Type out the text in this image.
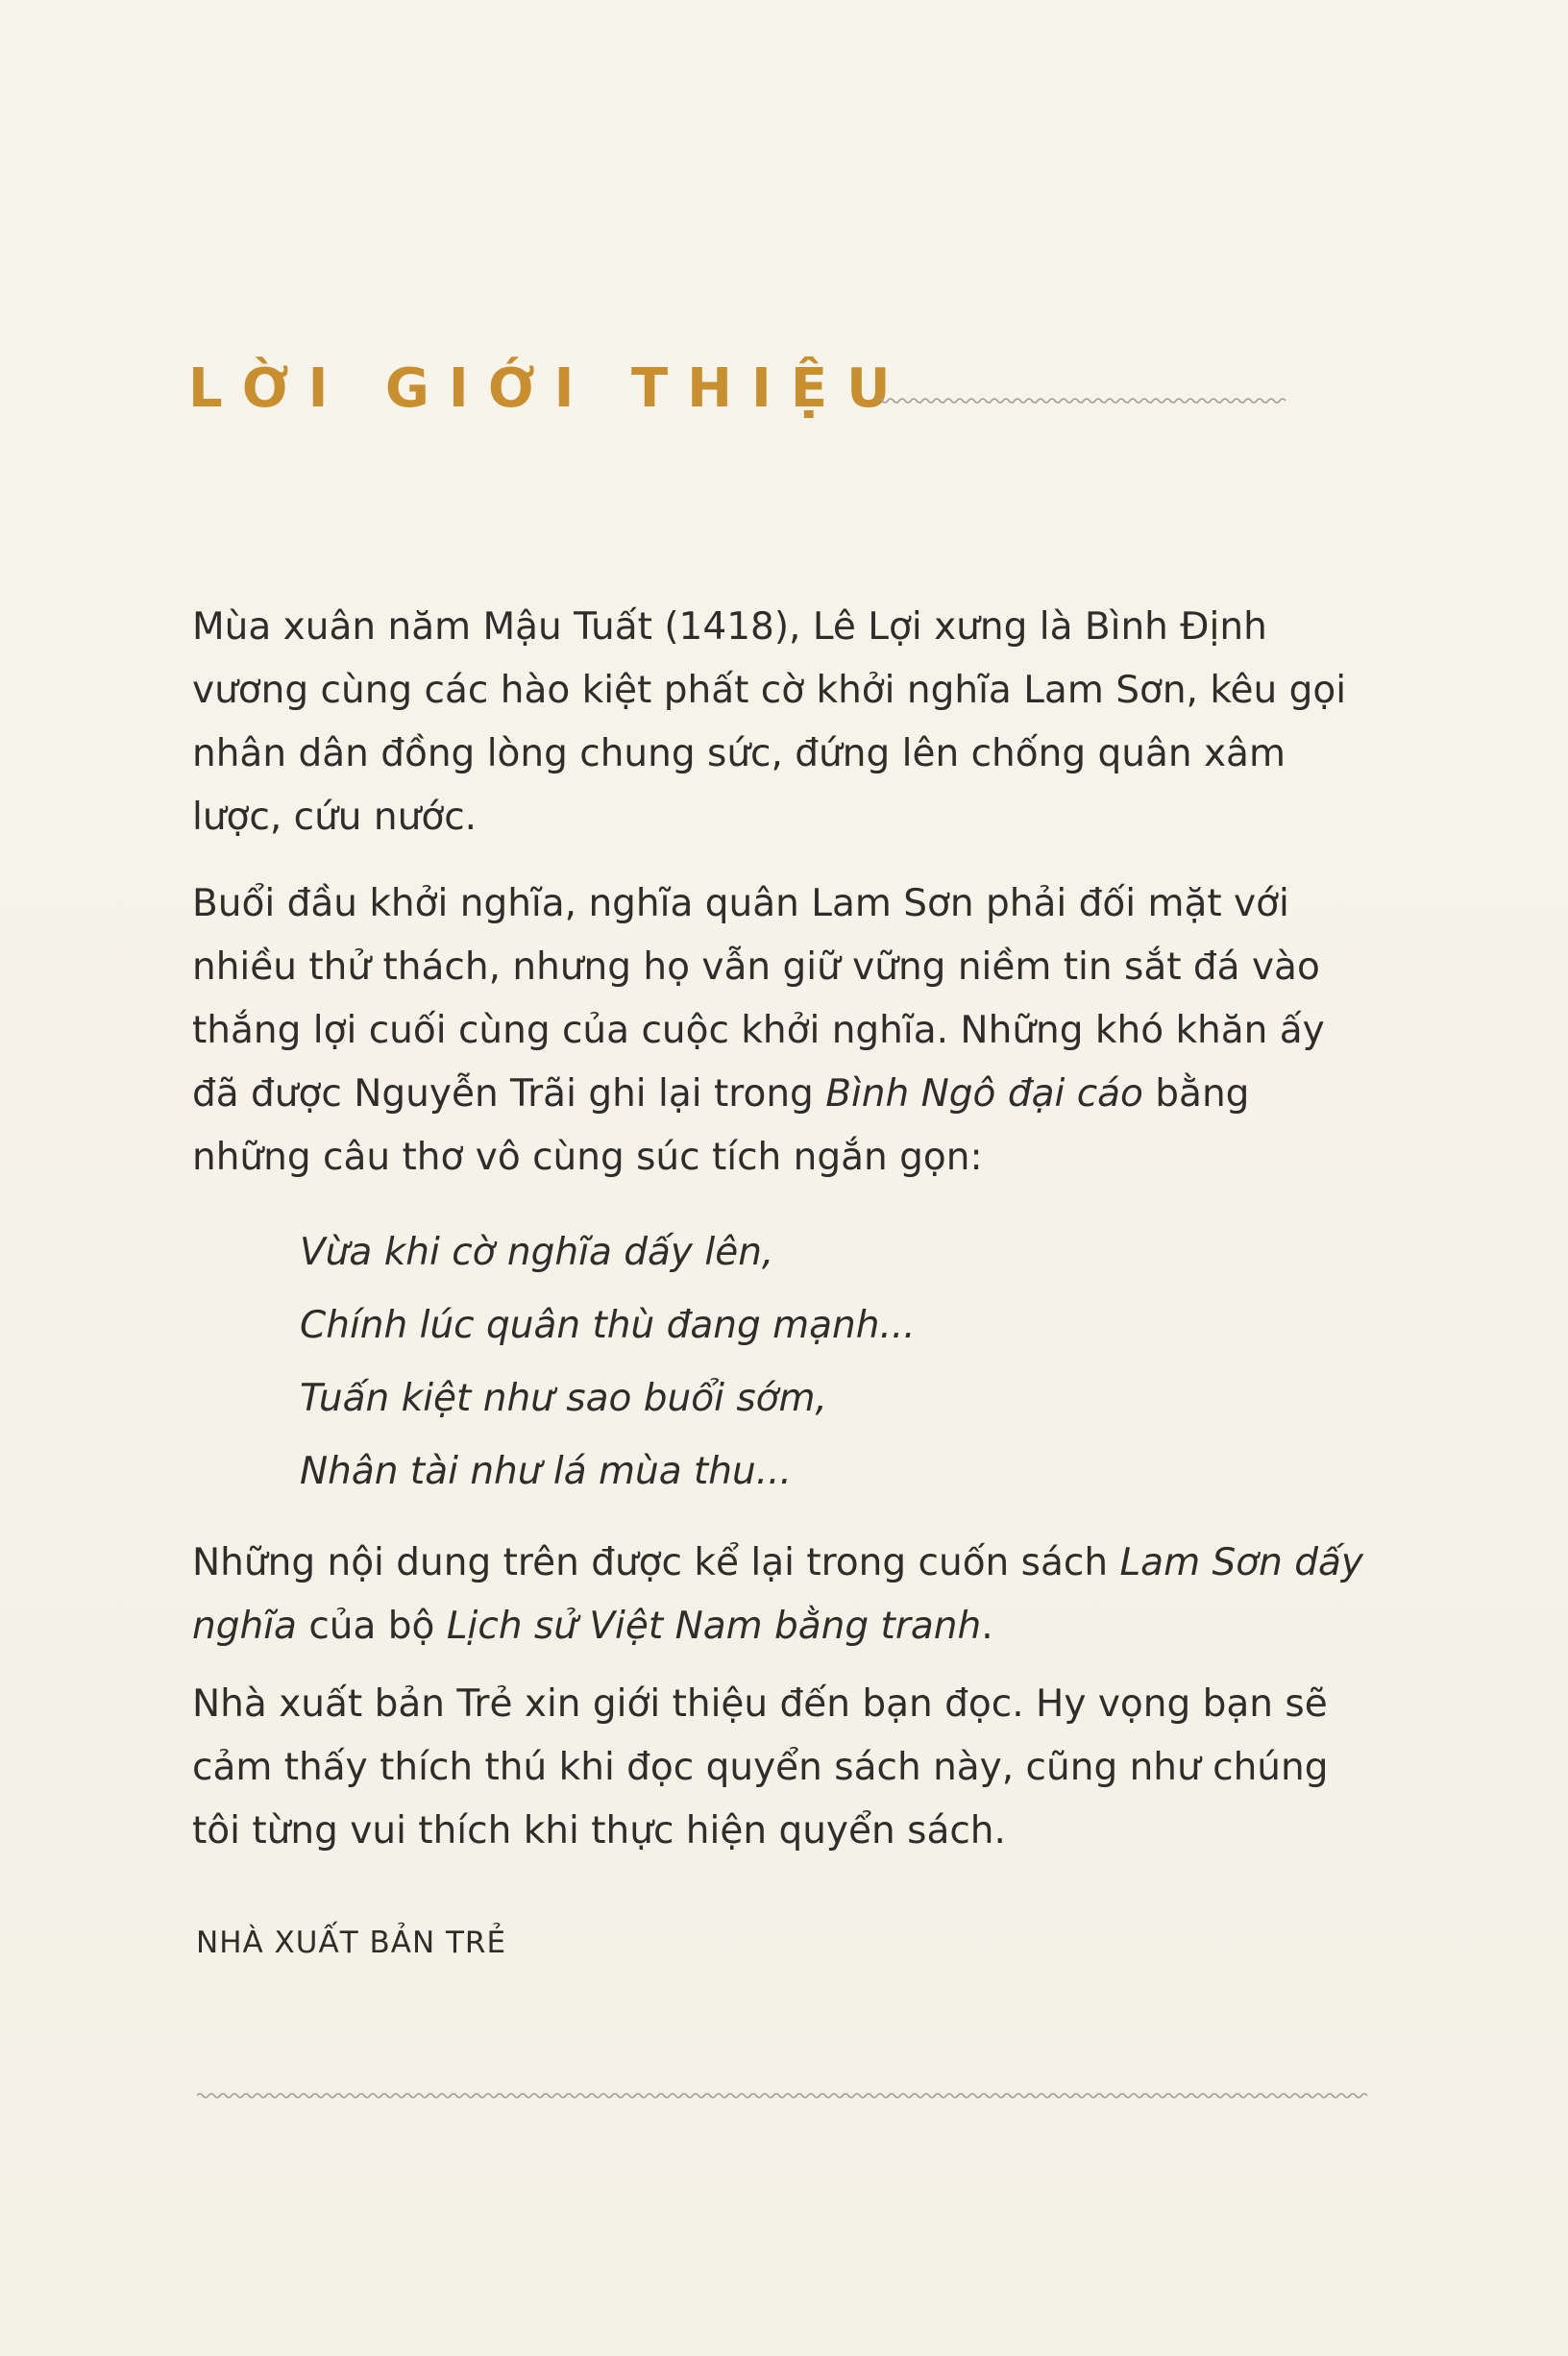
LỜI GIỚI THIỆU

Mùa xuân năm Mậu Tuất (1418), Lê Lợi xưng là Bình Định vương cùng các hào kiệt phất cờ khởi nghĩa Lam Sơn, kêu gọi nhân dân đồng lòng chung sức, đứng lên chống quân xâm lược, cứu nước.

Buổi đầu khởi nghĩa, nghĩa quân Lam Sơn phải đối mặt với nhiều thử thách, nhưng họ vẫn giữ vững niềm tin sắt đá vào thắng lợi cuối cùng của cuộc khởi nghĩa. Những khó khăn ấy đã được Nguyễn Trãi ghi lại trong Bình Ngô đại cáo bằng những câu thơ vô cùng súc tích ngắn gọn:

Vừa khi cờ nghĩa dấy lên,
Chính lúc quân thù đang mạnh...
Tuấn kiệt như sao buổi sớm,
Nhân tài như lá mùa thu...

Những nội dung trên được kể lại trong cuốn sách Lam Sơn dấy nghĩa của bộ Lịch sử Việt Nam bằng tranh.

Nhà xuất bản Trẻ xin giới thiệu đến bạn đọc. Hy vọng bạn sẽ cảm thấy thích thú khi đọc quyển sách này, cũng như chúng tôi từng vui thích khi thực hiện quyển sách.

NHÀ XUẤT BẢN TRẺ
